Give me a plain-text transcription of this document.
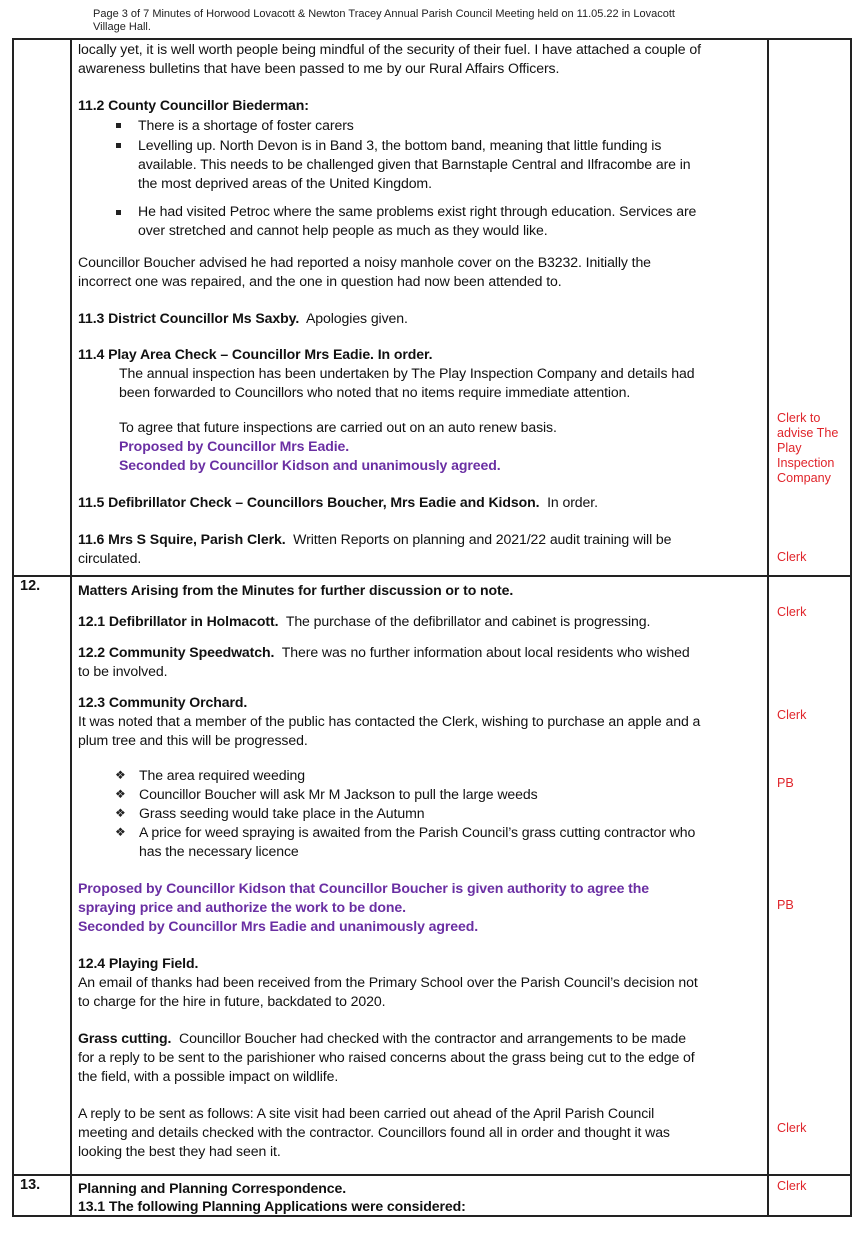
Page 3 of 7 Minutes of Horwood Lovacott & Newton Tracey Annual Parish Council Meeting held on 11.05.22 in Lovacott
Village Hall.
locally yet, it is well worth people being mindful of the security of their fuel. I have attached a couple of
awareness bulletins that have been passed to me by our Rural Affairs Officers.
11.2 County Councillor Biederman:
There is a shortage of foster carers
Levelling up. North Devon is in Band 3, the bottom band, meaning that little funding is
available. This needs to be challenged given that Barnstaple Central and Ilfracombe are in
the most deprived areas of the United Kingdom.
He had visited Petroc where the same problems exist right through education. Services are
over stretched and cannot help people as much as they would like.
Councillor Boucher advised he had reported a noisy manhole cover on the B3232. Initially the
incorrect one was repaired, and the one in question had now been attended to.
11.3 District Councillor Ms Saxby. Apologies given.
11.4 Play Area Check – Councillor Mrs Eadie. In order.
The annual inspection has been undertaken by The Play Inspection Company and details had
been forwarded to Councillors who noted that no items require immediate attention.
To agree that future inspections are carried out on an auto renew basis.
Proposed by Councillor Mrs Eadie.
Seconded by Councillor Kidson and unanimously agreed.
11.5 Defibrillator Check – Councillors Boucher, Mrs Eadie and Kidson. In order.
11.6 Mrs S Squire, Parish Clerk. Written Reports on planning and 2021/22 audit training will be
circulated.
Clerk to
advise The
Play
Inspection
Company
Clerk
12.	Matters Arising from the Minutes for further discussion or to note.
12.1 Defibrillator in Holmacott. The purchase of the defibrillator and cabinet is progressing.
Clerk
12.2 Community Speedwatch. There was no further information about local residents who wished
to be involved.
12.3 Community Orchard.
It was noted that a member of the public has contacted the Clerk, wishing to purchase an apple and a
plum tree and this will be progressed.
Clerk
❖ The area required weeding
❖ Councillor Boucher will ask Mr M Jackson to pull the large weeds
❖ Grass seeding would take place in the Autumn
❖ A price for weed spraying is awaited from the Parish Council’s grass cutting contractor who
has the necessary licence
PB
Proposed by Councillor Kidson that Councillor Boucher is given authority to agree the
spraying price and authorize the work to be done.
Seconded by Councillor Mrs Eadie and unanimously agreed.
PB
12.4 Playing Field.
An email of thanks had been received from the Primary School over the Parish Council’s decision not
to charge for the hire in future, backdated to 2020.
Grass cutting. Councillor Boucher had checked with the contractor and arrangements to be made
for a reply to be sent to the parishioner who raised concerns about the grass being cut to the edge of
the field, with a possible impact on wildlife.
A reply to be sent as follows: A site visit had been carried out ahead of the April Parish Council
meeting and details checked with the contractor. Councillors found all in order and thought it was
looking the best they had seen it.
Clerk
13.	Planning and Planning Correspondence.
13.1 The following Planning Applications were considered:
Clerk
